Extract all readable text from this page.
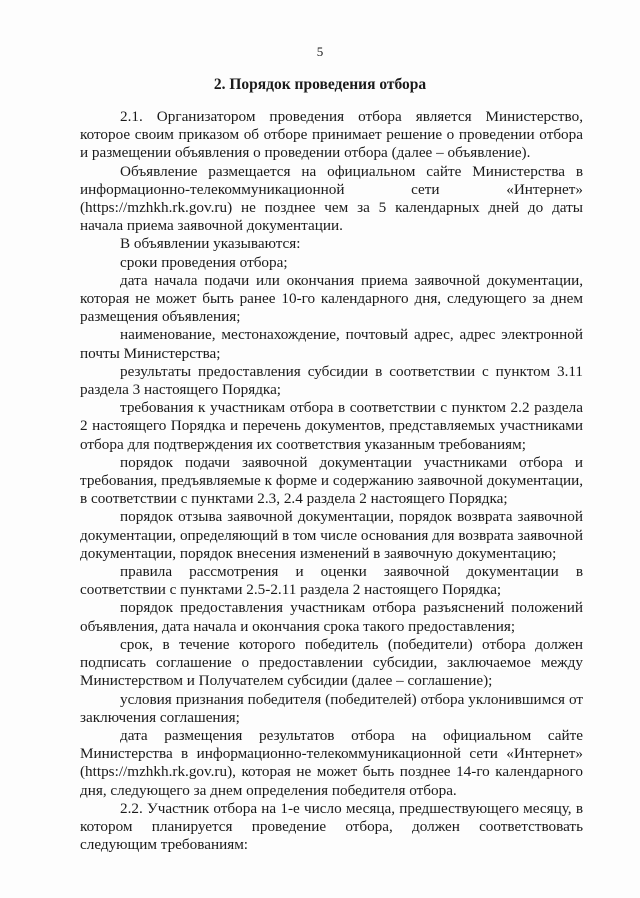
5
2. Порядок проведения отбора

2.1. Организатором проведения отбора является Министерство, которое своим приказом об отборе принимает решение о проведении отбора и размещении объявления о проведении отбора (далее – объявление).

Объявление размещается на официальном сайте Министерства в информационно-телекоммуникационной сети «Интернет» (https://mzhkh.rk.gov.ru) не позднее чем за 5 календарных дней до даты начала приема заявочной документации.

В объявлении указываются:

сроки проведения отбора;

дата начала подачи или окончания приема заявочной документации, которая не может быть ранее 10-го календарного дня, следующего за днем размещения объявления;

наименование, местонахождение, почтовый адрес, адрес электронной почты Министерства;

результаты предоставления субсидии в соответствии с пунктом 3.11 раздела 3 настоящего Порядка;

требования к участникам отбора в соответствии с пунктом 2.2 раздела 2 настоящего Порядка и перечень документов, представляемых участниками отбора для подтверждения их соответствия указанным требованиям;

порядок подачи заявочной документации участниками отбора и требования, предъявляемые к форме и содержанию заявочной документации, в соответствии с пунктами 2.3, 2.4 раздела 2 настоящего Порядка;

порядок отзыва заявочной документации, порядок возврата заявочной документации, определяющий в том числе основания для возврата заявочной документации, порядок внесения изменений в заявочную документацию;

правила рассмотрения и оценки заявочной документации в соответствии с пунктами 2.5-2.11 раздела 2 настоящего Порядка;

порядок предоставления участникам отбора разъяснений положений объявления, дата начала и окончания срока такого предоставления;

срок, в течение которого победитель (победители) отбора должен подписать соглашение о предоставлении субсидии, заключаемое между Министерством и Получателем субсидии (далее – соглашение);

условия признания победителя (победителей) отбора уклонившимся от заключения соглашения;

дата размещения результатов отбора на официальном сайте Министерства в информационно-телекоммуникационной сети «Интернет» (https://mzhkh.rk.gov.ru), которая не может быть позднее 14-го календарного дня, следующего за днем определения победителя отбора.

2.2. Участник отбора на 1-е число месяца, предшествующего месяцу, в котором планируется проведение отбора, должен соответствовать следующим требованиям:
